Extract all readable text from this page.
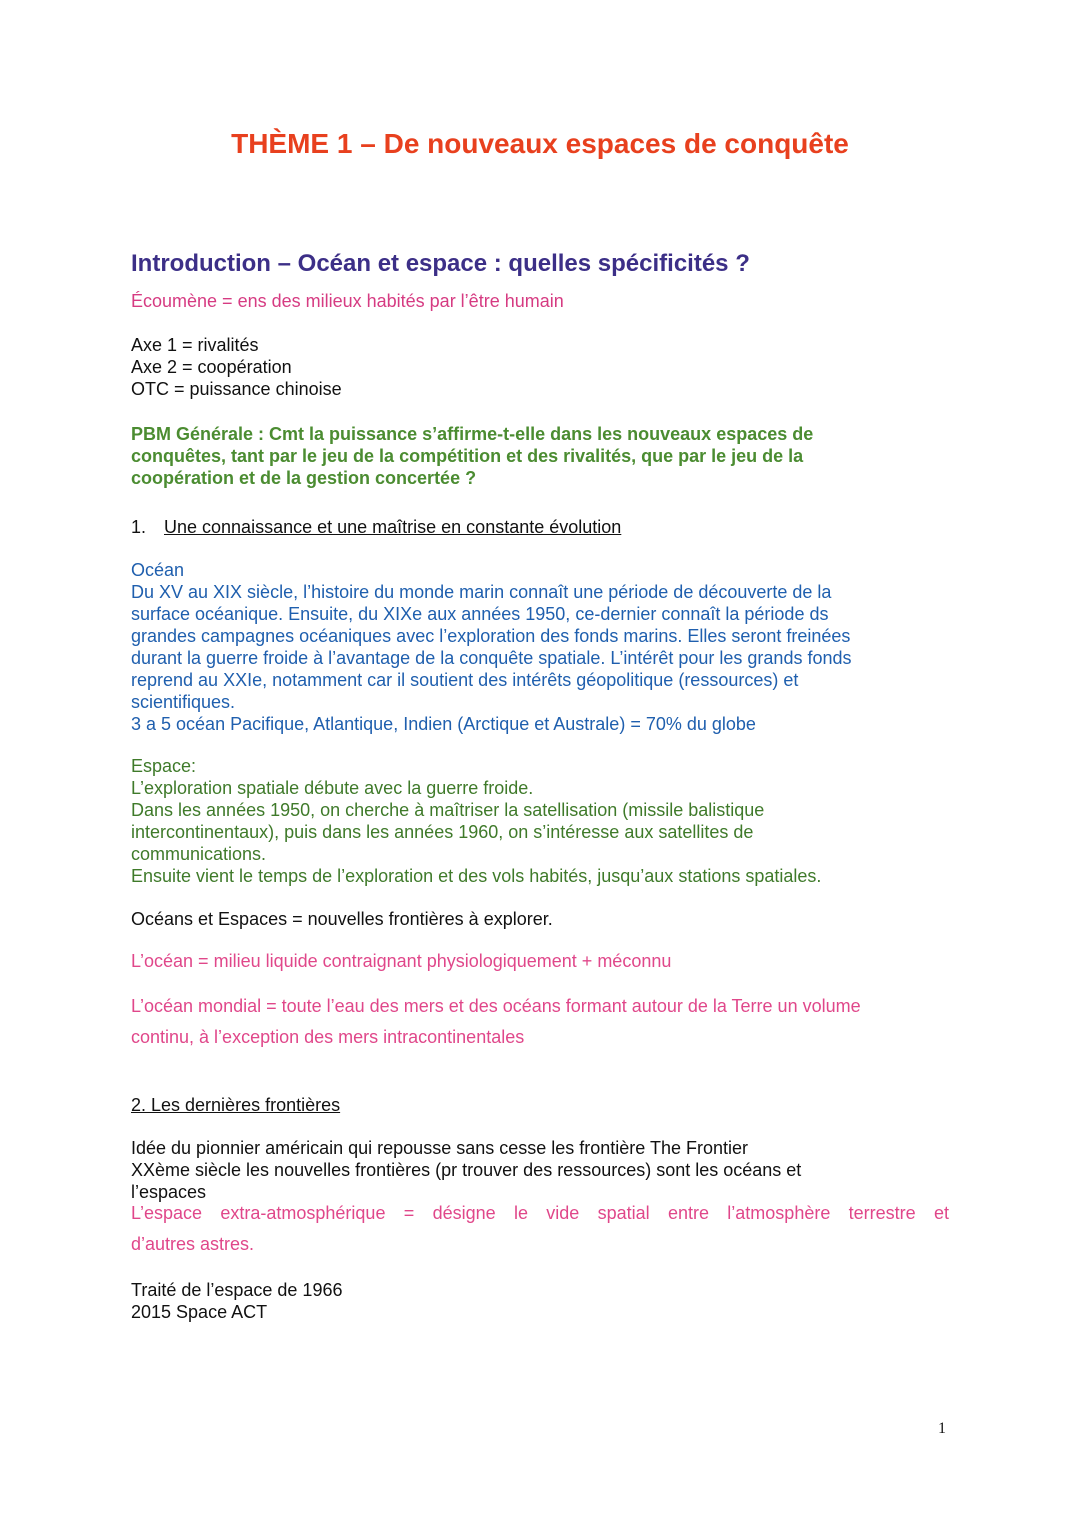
THÈME 1 – De nouveaux espaces de conquête
Introduction – Océan et espace : quelles spécificités ?
Écoumène = ens des milieux habités par l’être humain
Axe 1 = rivalités
Axe 2 = coopération
OTC = puissance chinoise
PBM Générale : Cmt la puissance s’affirme-t-elle dans les nouveaux espaces de
conquêtes, tant par le jeu de la compétition et des rivalités, que par le jeu de la
coopération et de la gestion concertée ?
1. Une connaissance et une maîtrise en constante évolution
Océan
Du XV au XIX siècle, l’histoire du monde marin connaît une période de découverte de la
surface océanique. Ensuite, du XIXe aux années 1950, ce-dernier connaît la période ds
grandes campagnes océaniques avec l’exploration des fonds marins. Elles seront freinées
durant la guerre froide à l’avantage de la conquête spatiale. L’intérêt pour les grands fonds
reprend au XXIe, notamment car il soutient des intérêts géopolitique (ressources) et
scientifiques.
3 a 5 océan Pacifique, Atlantique, Indien (Arctique et Australe) = 70% du globe
Espace:
L’exploration spatiale débute avec la guerre froide.
Dans les années 1950, on cherche à maîtriser la satellisation (missile balistique
intercontinentaux), puis dans les années 1960, on s’intéresse aux satellites de
communications.
Ensuite vient le temps de l’exploration et des vols habités, jusqu’aux stations spatiales.
Océans et Espaces = nouvelles frontières à explorer.
L’océan = milieu liquide contraignant physiologiquement + méconnu
L’océan mondial = toute l’eau des mers et des océans formant autour de la Terre un volume
continu, à l’exception des mers intracontinentales
2. Les dernières frontières
Idée du pionnier américain qui repousse sans cesse les frontière The Frontier
XXème siècle les nouvelles frontières (pr trouver des ressources) sont les océans et
l’espaces
L’espace extra-atmosphérique = désigne le vide spatial entre l’atmosphère terrestre et
d’autres astres.
Traité de l’espace de 1966
2015 Space ACT
1
